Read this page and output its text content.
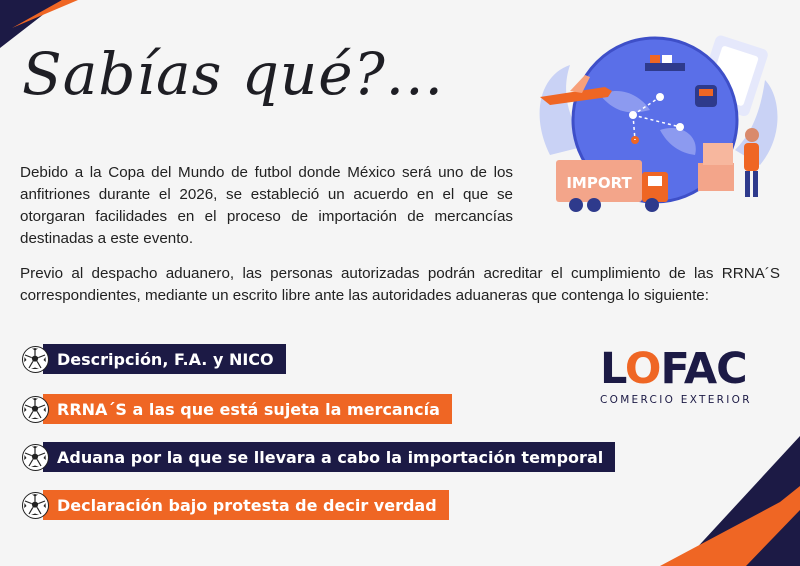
Sabías qué?...
Debido a la Copa del Mundo de futbol donde México será uno de los anfitriones durante el 2026, se estableció un acuerdo en el que se otorgaran facilidades en el proceso de importación de mercancías destinadas a este evento.
Previo al despacho aduanero, las personas autorizadas podrán acreditar el cumplimiento de las RRNA´S correspondientes, mediante un escrito libre ante las autoridades aduaneras que contenga lo siguiente:
IMPORT
Descripción, F.A. y NICO
RRNA´S a las que está sujeta la mercancía
Aduana por la que se llevara a cabo la importación temporal
Declaración bajo protesta de decir verdad
LOFAC
COMERCIO EXTERIOR
